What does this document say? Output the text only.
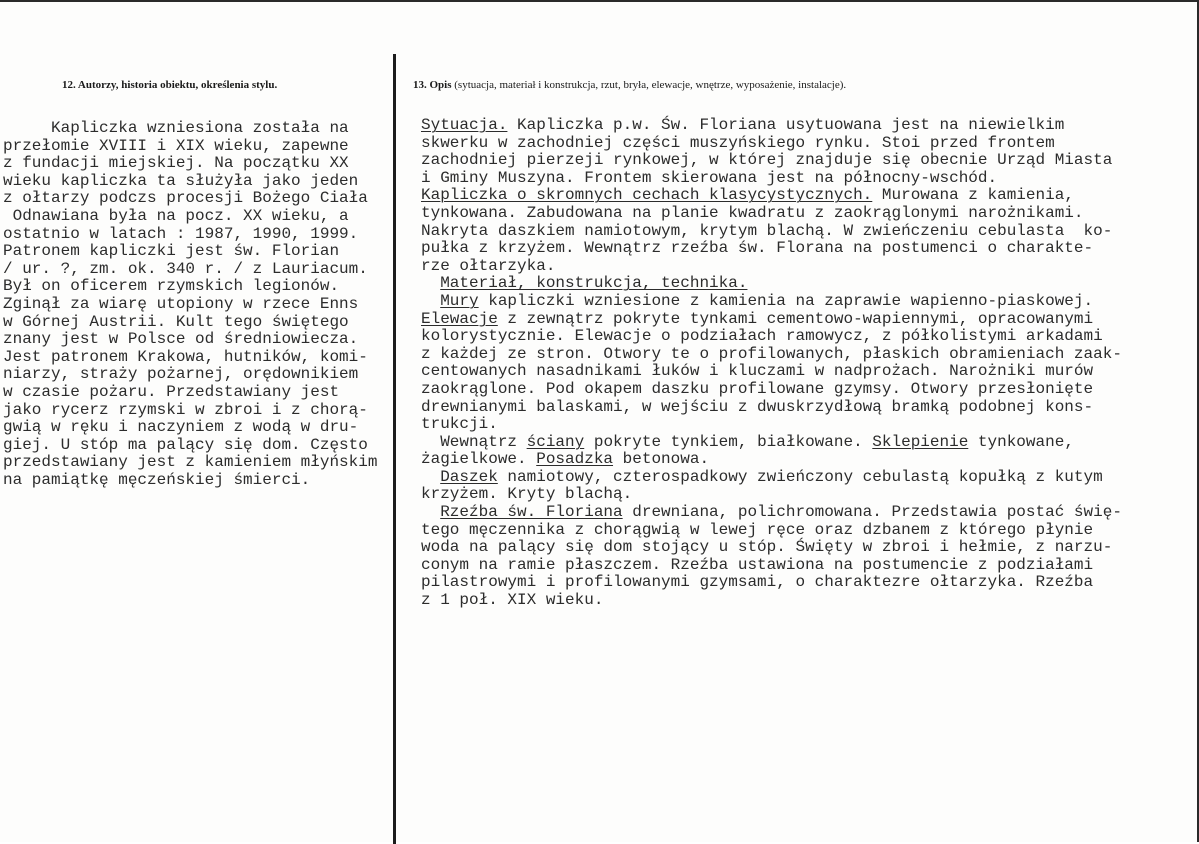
12. Autorzy, historia obiektu, określenia stylu.	13. Opis (sytuacja, materiał i konstrukcja, rzut, bryła, elewacje, wnętrze, wyposażenie, instalacje).
Kapliczka wzniesiona została na
przełomie XVIII i XIX wieku, zapewne
z fundacji miejskiej. Na początku XX
wieku kapliczka ta służyła jako jeden
z ołtarzy podczs procesji Bożego Ciała
Odnawiana była na pocz. XX wieku, a
ostatnio w latach : 1987, 1990, 1999.
Patronem kapliczki jest św. Florian
/ ur. ?, zm. ok. 340 r. / z Lauriacum.
Był on oficerem rzymskich legionów.
Zginął za wiarę utopiony w rzece Enns
w Górnej Austrii. Kult tego świętego
znany jest w Polsce od średniowiecza.
Jest patronem Krakowa, hutników, komi-
niarzy, straży pożarnej, orędownikiem
w czasie pożaru. Przedstawiany jest
jako rycerz rzymski w zbroi i z chorą-
gwią w ręku i naczyniem z wodą w dru-
giej. U stóp ma palący się dom. Często
przedstawiany jest z kamieniem młyńskim
na pamiątkę męczeńskiej śmierci.
Sytuacja. Kapliczka p.w. Św. Floriana usytuowana jest na niewielkim
skwerku w zachodniej części muszyńskiego rynku. Stoi przed frontem
zachodniej pierzeji rynkowej, w której znajduje się obecnie Urząd Miasta
i Gminy Muszyna. Frontem skierowana jest na północny-wschód.
Kapliczka o skromnych cechach klasycystycznych. Murowana z kamienia,
tynkowana. Zabudowana na planie kwadratu z zaokrąglonymi narożnikami.
Nakryta daszkiem namiotowym, krytym blachą. W zwieńczeniu cebulasta  ko-
pułka z krzyżem. Wewnątrz rzeźba św. Florana na postumenci o charakte-
rze ołtarzyka.
Materiał, konstrukcja, technika.
Mury kapliczki wzniesione z kamienia na zaprawie wapienno-piaskowej.
Elewacje z zewnątrz pokryte tynkami cementowo-wapiennymi, opracowanymi
kolorystycznie. Elewacje o podziałach ramowycz, z półkolistymi arkadami
z każdej ze stron. Otwory te o profilowanych, płaskich obramieniach zaak-
centowanych nasadnikami łuków i kluczami w nadprożach. Narożniki murów
zaokrąglone. Pod okapem daszku profilowane gzymsy. Otwory przesłonięte
drewnianymi balaskami, w wejściu z dwuskrzydłową bramką podobnej kons-
trukcji.
Wewnątrz ściany pokryte tynkiem, białkowane. Sklepienie tynkowane,
żagielkowe. Posadzka betonowa.
Daszek namiotowy, czterospadkowy zwieńczony cebulastą kopułką z kutym
krzyżem. Kryty blachą.
Rzeźba św. Floriana drewniana, polichromowana. Przedstawia postać świę-
tego męczennika z chorągwią w lewej ręce oraz dzbanem z którego płynie
woda na palący się dom stojący u stóp. Święty w zbroi i hełmie, z narzu-
conym na ramie płaszczem. Rzeźba ustawiona na postumencie z podziałami
pilastrowymi i profilowanymi gzymsami, o charaktezre ołtarzyka. Rzeźba
z 1 poł. XIX wieku.
